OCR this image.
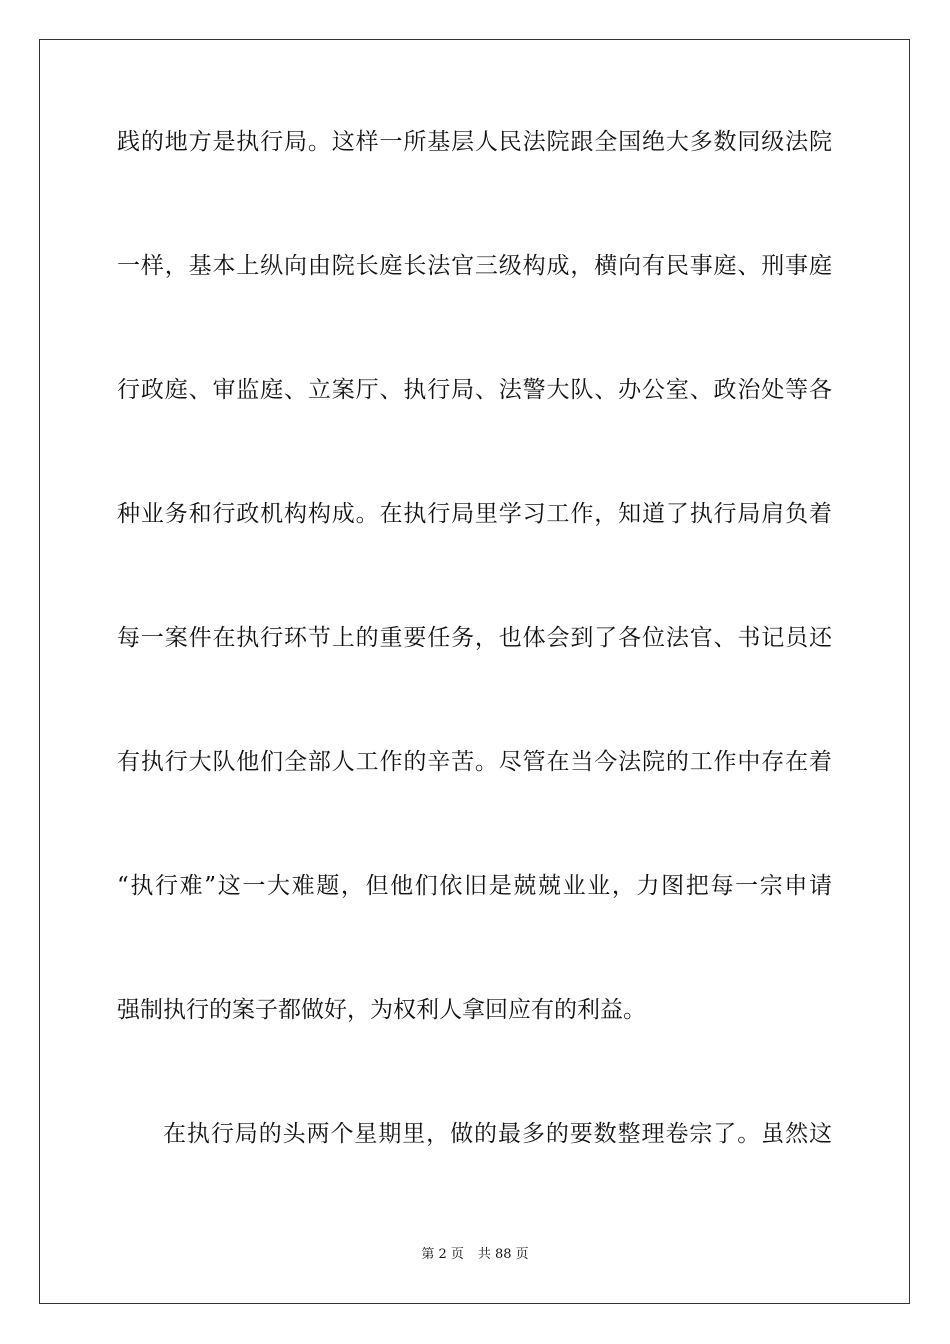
践的地方是执行局。这样一所基层人民法院跟全国绝大多数同级法院
一样，基本上纵向由院长庭长法官三级构成，横向有民事庭、刑事庭
行政庭、审监庭、立案厅、执行局、法警大队、办公室、政治处等各
种业务和行政机构构成。在执行局里学习工作，知道了执行局肩负着
每一案件在执行环节上的重要任务，也体会到了各位法官、书记员还
有执行大队他们全部人工作的辛苦。尽管在当今法院的工作中存在着
“执行难”这一大难题，但他们依旧是兢兢业业，力图把每一宗申请
强制执行的案子都做好，为权利人拿回应有的利益。
在执行局的头两个星期里，做的最多的要数整理卷宗了。虽然这
第 2 页 共 88 页
